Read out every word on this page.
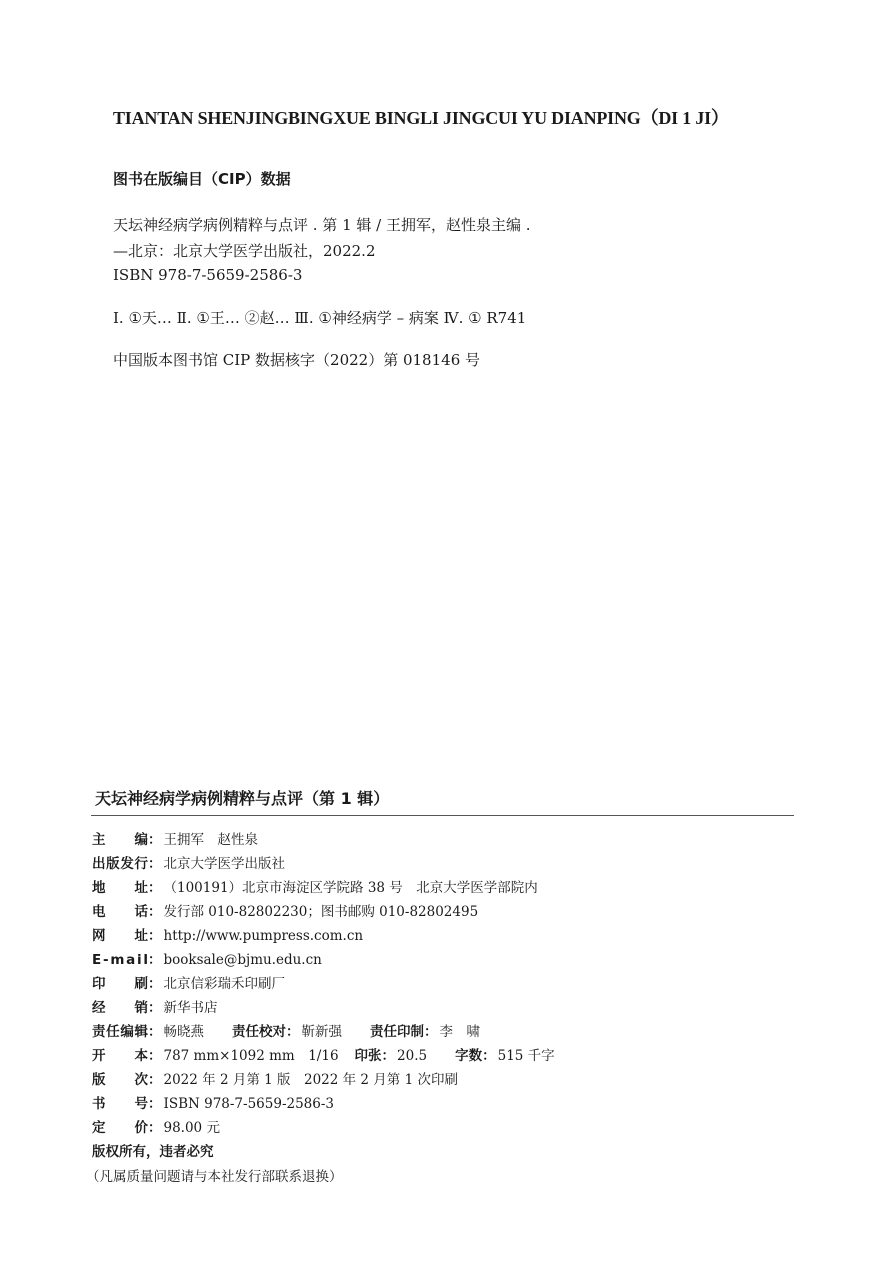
TIANTAN SHENJINGBINGXUE BINGLI JINGCUI YU DIANPING（DI 1 JI）
图书在版编目（CIP）数据
天坛神经病学病例精粹与点评 . 第 1 辑 / 王拥军，赵性泉主编 .
—北京：北京大学医学出版社，2022.2
ISBN 978-7-5659-2586-3
Ⅰ. ①天… Ⅱ. ①王… ②赵… Ⅲ. ①神经病学 – 病案 Ⅳ. ① R741
中国版本图书馆 CIP 数据核字（2022）第 018146 号
天坛神经病学病例精粹与点评（第 1 辑）
主 编 ： 王拥军　赵性泉
出 版 发 行 ： 北京大学医学出版社
地 址 ： （100191）北京市海淀区学院路 38 号　北京大学医学部院内
电 话 ： 发行部 010-82802230；图书邮购 010-82802495
网 址 ： http://www.pumpress.com.cn
E - m a i l ： booksale@bjmu.edu.cn
印 刷 ： 北京信彩瑞禾印刷厂
经 销 ： 新华书店
责 任 编 辑 ： 畅晓燕 责任校对 ： 靳新强 责任印制 ： 李　啸
开 本 ： 787 mm×1092 mm　1/16 印张 ： 20.5 字数 ： 515 千字
版 次 ： 2022 年 2 月第 1 版　2022 年 2 月第 1 次印刷
书 号 ： ISBN 978-7-5659-2586-3
定 价 ： 98.00 元
版权所有，违者必究
（凡属质量问题请与本社发行部联系退换）
